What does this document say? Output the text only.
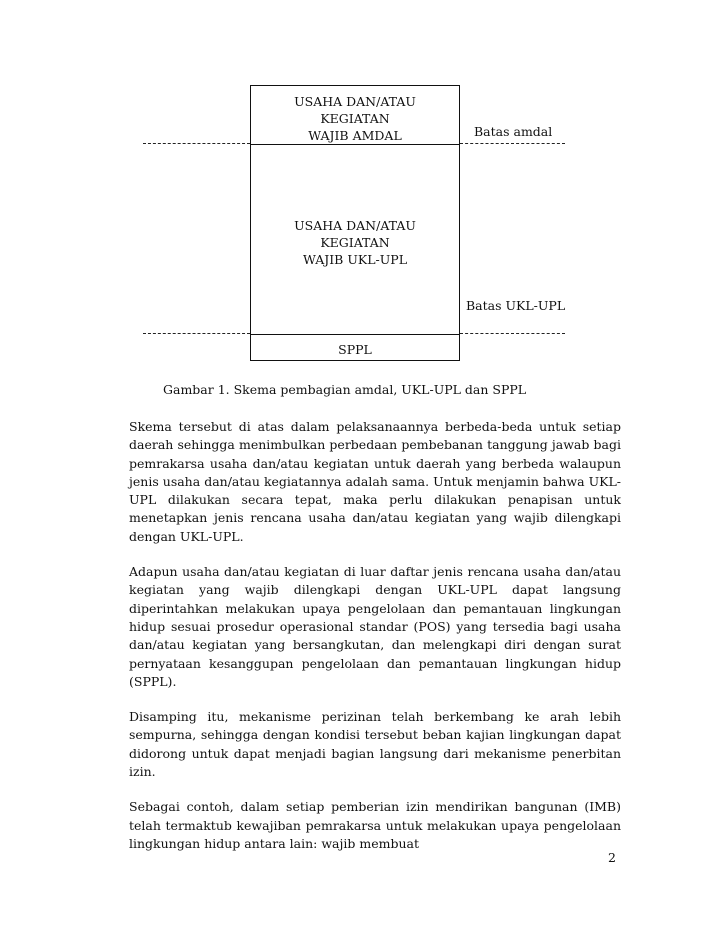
USAHA DAN/ATAU
KEGIATAN
WAJIB AMDAL
USAHA DAN/ATAU
KEGIATAN
WAJIB UKL-UPL
SPPL
Batas amdal
Batas UKL-UPL
Gambar 1. Skema pembagian amdal, UKL-UPL dan SPPL

Skema tersebut di atas dalam pelaksanaannya berbeda-beda untuk setiap daerah sehingga menimbulkan perbedaan pembebanan tanggung jawab bagi pemrakarsa usaha dan/atau kegiatan untuk daerah yang berbeda walaupun jenis usaha dan/atau kegiatannya adalah sama. Untuk menjamin bahwa UKL-UPL dilakukan secara tepat, maka perlu dilakukan penapisan untuk menetapkan jenis rencana usaha dan/atau kegiatan yang wajib dilengkapi dengan UKL-UPL.

Adapun usaha dan/atau kegiatan di luar daftar jenis rencana usaha dan/atau kegiatan yang wajib dilengkapi dengan UKL-UPL dapat langsung diperintahkan melakukan upaya pengelolaan dan pemantauan lingkungan hidup sesuai prosedur operasional standar (POS) yang tersedia bagi usaha dan/atau kegiatan yang bersangkutan, dan melengkapi diri dengan surat pernyataan kesanggupan pengelolaan dan pemantauan lingkungan hidup (SPPL).

Disamping itu, mekanisme perizinan telah berkembang ke arah lebih sempurna, sehingga dengan kondisi tersebut beban kajian lingkungan dapat didorong untuk dapat menjadi bagian langsung dari mekanisme penerbitan izin.

Sebagai contoh, dalam setiap pemberian izin mendirikan bangunan (IMB) telah termaktub kewajiban pemrakarsa untuk melakukan upaya pengelolaan lingkungan hidup antara lain: wajib membuat

2
